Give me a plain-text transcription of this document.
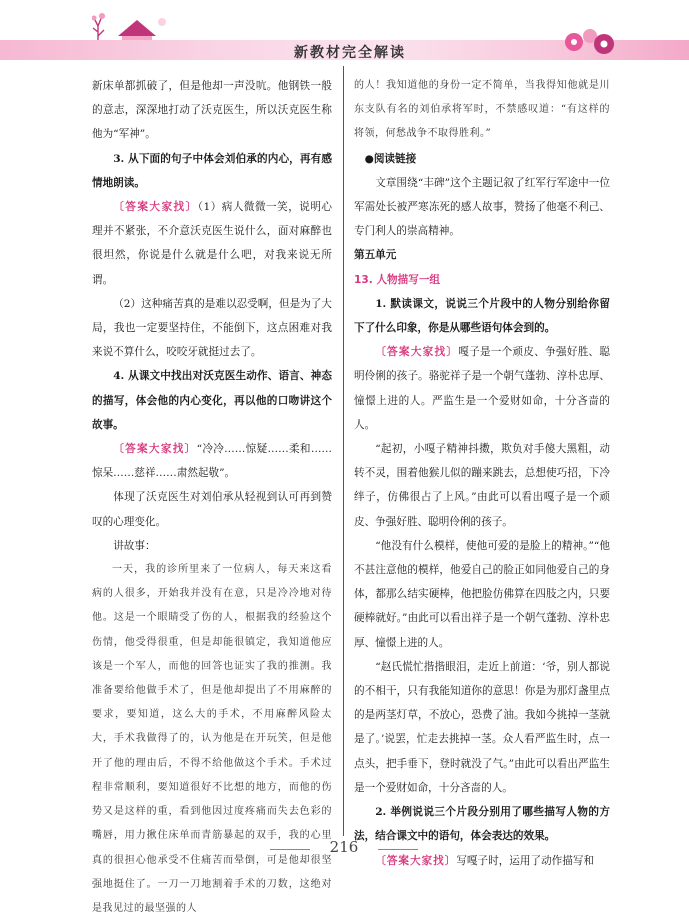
新教材完全解读

新床单都抓破了，但是他却一声没吭。他钢铁一般的意志，深深地打动了沃克医生，所以沃克医生称他为“军神”。

3. 从下面的句子中体会刘伯承的内心，再有感情地朗读。

〔答案大家找〕（1）病人微微一笑，说明心理并不紧张，不介意沃克医生说什么，面对麻醉也很坦然，你说是什么就是什么吧，对我来说无所谓。

（2）这种痛苦真的是难以忍受啊，但是为了大局，我也一定要坚持住，不能倒下，这点困难对我来说不算什么，咬咬牙就挺过去了。

4. 从课文中找出对沃克医生动作、语言、神态的描写，体会他的内心变化，再以他的口吻讲这个故事。

〔答案大家找〕“冷冷……惊疑……柔和……惊呆……慈祥……肃然起敬”。

体现了沃克医生对刘伯承从轻视到认可再到赞叹的心理变化。

讲故事：

一天，我的诊所里来了一位病人，每天来这看病的人很多，开始我并没有在意，只是冷冷地对待他。这是一个眼睛受了伤的人，根据我的经验这个伤情，他受得很重，但是却能很镇定，我知道他应该是一个军人，而他的回答也证实了我的推测。我准备要给他做手术了，但是他却提出了不用麻醉的要求，要知道，这么大的手术，不用麻醉风险太大，手术我做得了的，认为他是在开玩笑，但是他开了他的理由后，不得不给他做这个手术。手术过程非常顺利，要知道很好不比想的地方，而他的伤势又是这样的重，看到他因过度疼痛而失去色彩的嘴唇，用力揪住床单而青筋暴起的双手，我的心里真的很担心他承受不住痛苦而晕倒，可是他却很坚强地挺住了。一刀一刀地割着手术的刀数，这绝对是我见过的最坚强的人

的人！我知道他的身份一定不简单，当我得知他就是川东支队有名的刘伯承将军时，不禁感叹道：“有这样的将领，何愁战争不取得胜利。”

●阅读链接

文章围绕“丰碑”这个主题记叙了红军行军途中一位军需处长被严寒冻死的感人故事，赞扬了他毫不利己、专门利人的崇高精神。

第五单元

13. 人物描写一组

1. 默读课文，说说三个片段中的人物分别给你留下了什么印象，你是从哪些语句体会到的。

〔答案大家找〕嘎子是一个顽皮、争强好胜、聪明伶俐的孩子。骆驼祥子是一个朝气蓬勃、淳朴忠厚、憧憬上进的人。严监生是一个爱财如命，十分吝啬的人。

“起初，小嘎子精神抖擞，欺负对手傻大黑粗，动转不灵，围着他猴儿似的蹦来跳去，总想使巧招，下冷绊子，仿佛很占了上风。”由此可以看出嘎子是一个顽皮、争强好胜、聪明伶俐的孩子。

“他没有什么模样，使他可爱的是脸上的精神。”“他不甚注意他的模样，他爱自己的脸正如同他爱自己的身体，都那么结实硬棒，他把脸仿佛算在四肢之内，只要硬棒就好。”由此可以看出祥子是一个朝气蓬勃、淳朴忠厚、憧憬上进的人。

“赵氏慌忙揩揩眼泪，走近上前道：‘爷，别人都说的不相干，只有我能知道你的意思！你是为那灯盏里点的是两茎灯草，不放心，恐费了油。我如今挑掉一茎就是了。’说罢，忙走去挑掉一茎。众人看严监生时，点一点头，把手垂下，登时就没了气。”由此可以看出严监生是一个爱财如命，十分吝啬的人。

2. 举例说说三个片段分别用了哪些描写人物的方法，结合课文中的语句，体会表达的效果。

〔答案大家找〕写嘎子时，运用了动作描写和

216
